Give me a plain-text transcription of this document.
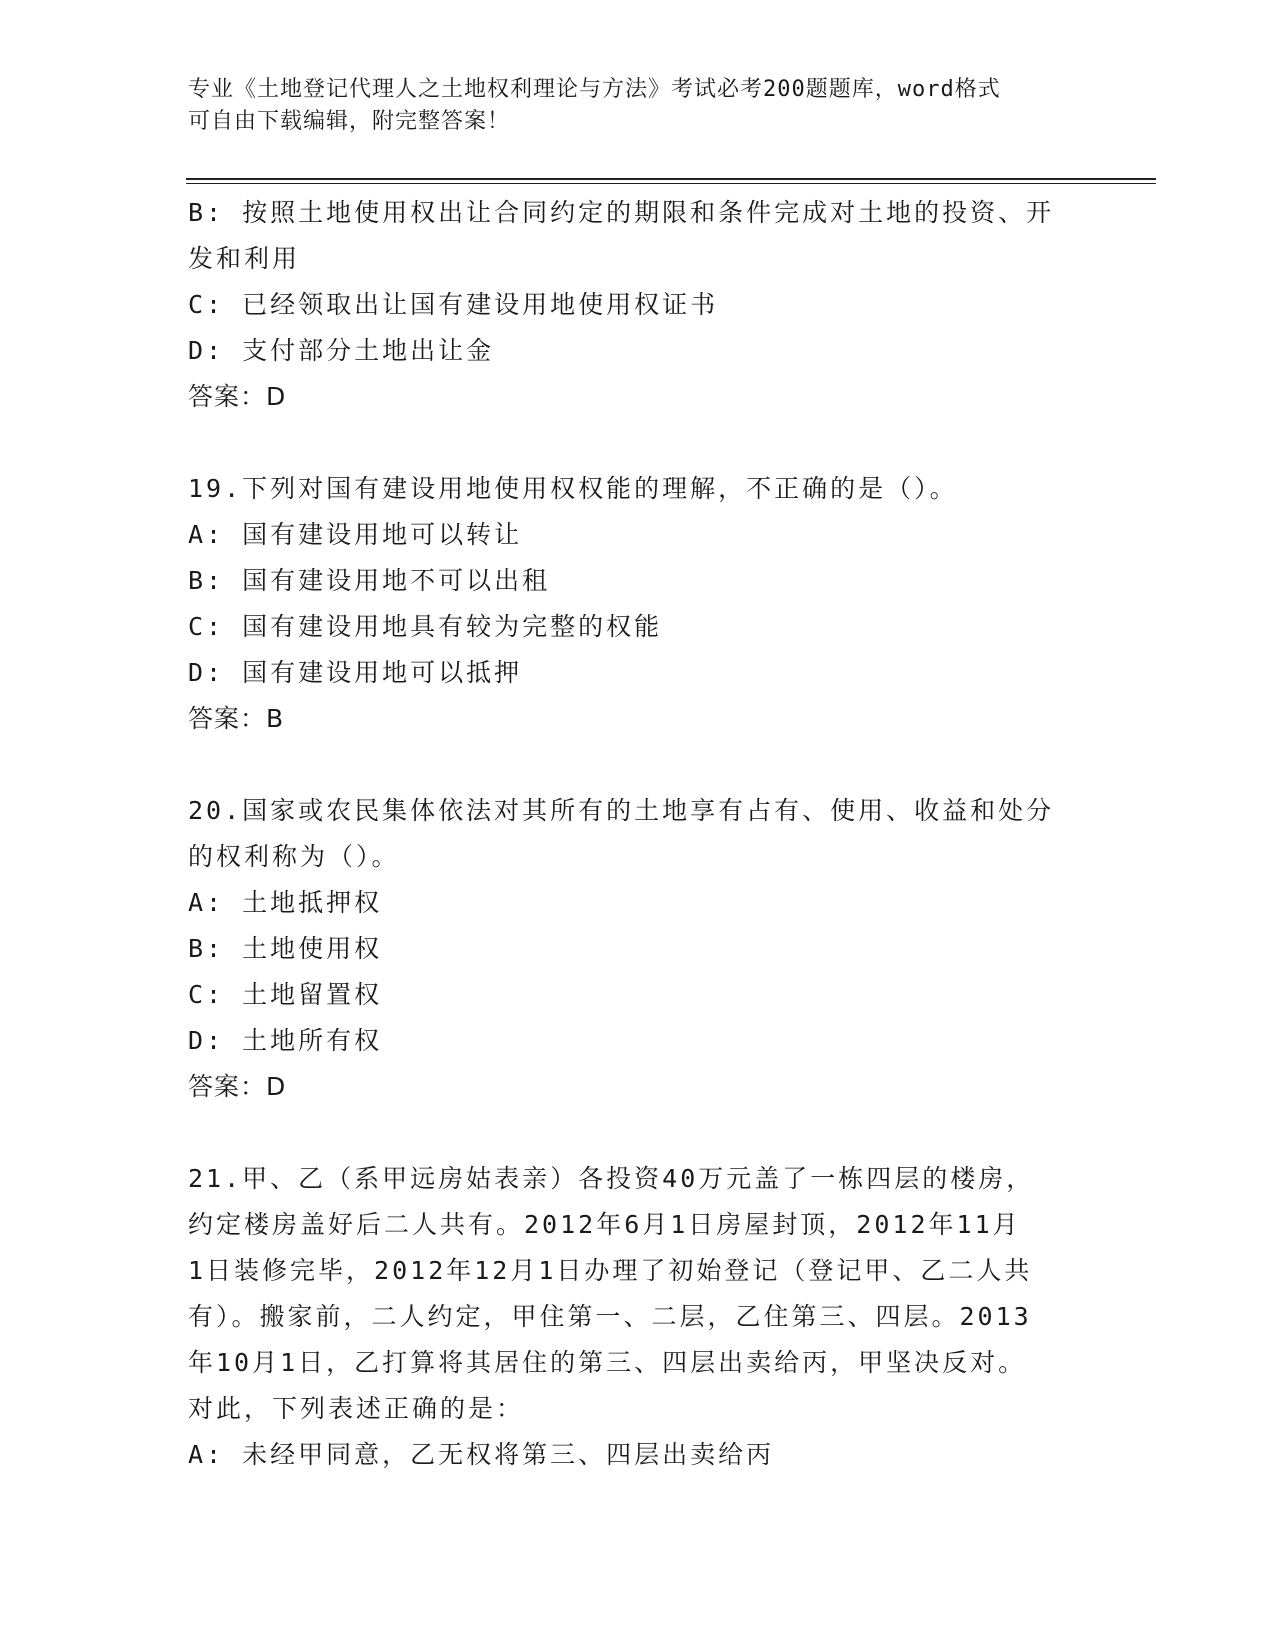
专业《土地登记代理人之土地权利理论与方法》考试必考200题题库，word格式
可自由下载编辑，附完整答案！
B: 按照土地使用权出让合同约定的期限和条件完成对土地的投资、开
发和利用
C: 已经领取出让国有建设用地使用权证书
D: 支付部分土地出让金
答案：D
19.下列对国有建设用地使用权权能的理解，不正确的是（）。
A: 国有建设用地可以转让
B: 国有建设用地不可以出租
C: 国有建设用地具有较为完整的权能
D: 国有建设用地可以抵押
答案：B
20.国家或农民集体依法对其所有的土地享有占有、使用、收益和处分
的权利称为（）。
A: 土地抵押权
B: 土地使用权
C: 土地留置权
D: 土地所有权
答案：D
21.甲、乙（系甲远房姑表亲）各投资40万元盖了一栋四层的楼房，
约定楼房盖好后二人共有。2012年6月1日房屋封顶，2012年11月
1日装修完毕，2012年12月1日办理了初始登记（登记甲、乙二人共
有）。搬家前，二人约定，甲住第一、二层，乙住第三、四层。2013
年10月1日，乙打算将其居住的第三、四层出卖给丙，甲坚决反对。
对此，下列表述正确的是：
A: 未经甲同意，乙无权将第三、四层出卖给丙
